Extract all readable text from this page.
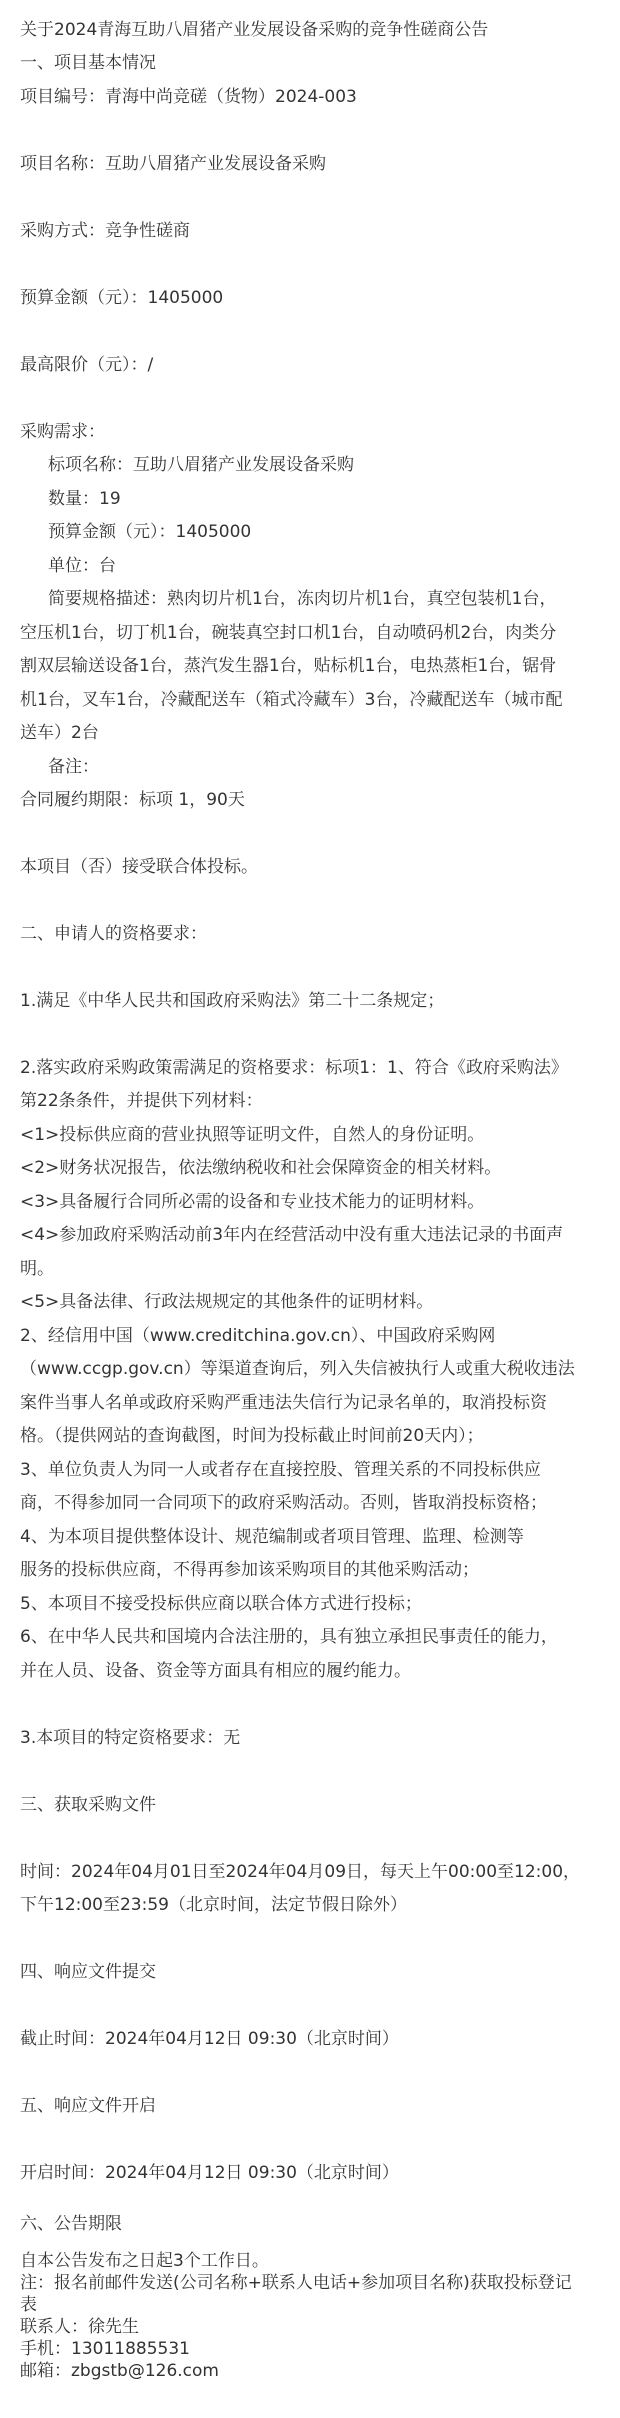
关于2024青海互助八眉猪产业发展设备采购的竞争性磋商公告
一、项目基本情况
项目编号：青海中尚竞磋（货物）2024-003
项目名称：互助八眉猪产业发展设备采购
采购方式：竞争性磋商
预算金额（元）：1405000
最高限价（元）：/
采购需求：
标项名称：互助八眉猪产业发展设备采购
数量：19
预算金额（元）：1405000
单位：台
简要规格描述：熟肉切片机1台，冻肉切片机1台，真空包装机1台，
空压机1台，切丁机1台，碗装真空封口机1台，自动喷码机2台，肉类分
割双层输送设备1台，蒸汽发生器1台，贴标机1台，电热蒸柜1台，锯骨
机1台，叉车1台，冷藏配送车（箱式冷藏车）3台，冷藏配送车（城市配
送车）2台
备注：
合同履约期限：标项 1，90天
本项目（否）接受联合体投标。
二、申请人的资格要求：
1.满足《中华人民共和国政府采购法》第二十二条规定；
2.落实政府采购政策需满足的资格要求：标项1：1、符合《政府采购法》
第22条条件，并提供下列材料：
<1>投标供应商的营业执照等证明文件，自然人的身份证明。
<2>财务状况报告，依法缴纳税收和社会保障资金的相关材料。
<3>具备履行合同所必需的设备和专业技术能力的证明材料。
<4>参加政府采购活动前3年内在经营活动中没有重大违法记录的书面声
明。
<5>具备法律、行政法规规定的其他条件的证明材料。
2、经信用中国（www.creditchina.gov.cn）、中国政府采购网
（www.ccgp.gov.cn）等渠道查询后，列入失信被执行人或重大税收违法
案件当事人名单或政府采购严重违法失信行为记录名单的，取消投标资
格。（提供网站的查询截图，时间为投标截止时间前20天内）；
3、单位负责人为同一人或者存在直接控股、管理关系的不同投标供应
商，不得参加同一合同项下的政府采购活动。否则，皆取消投标资格；
4、为本项目提供整体设计、规范编制或者项目管理、监理、检测等
服务的投标供应商，不得再参加该采购项目的其他采购活动；
5、本项目不接受投标供应商以联合体方式进行投标；
6、在中华人民共和国境内合法注册的，具有独立承担民事责任的能力，
并在人员、设备、资金等方面具有相应的履约能力。
3.本项目的特定资格要求：无
三、获取采购文件
时间：2024年04月01日至2024年04月09日，每天上午00:00至12:00，
下午12:00至23:59（北京时间，法定节假日除外）
四、响应文件提交
截止时间：2024年04月12日 09:30（北京时间）
五、响应文件开启
开启时间：2024年04月12日 09:30（北京时间）
六、公告期限
自本公告发布之日起3个工作日。
注：报名前邮件发送(公司名称+联系人电话+参加项目名称)获取投标登记
表
联系人：徐先生
手机：13011885531
邮箱：zbgstb@126.com
